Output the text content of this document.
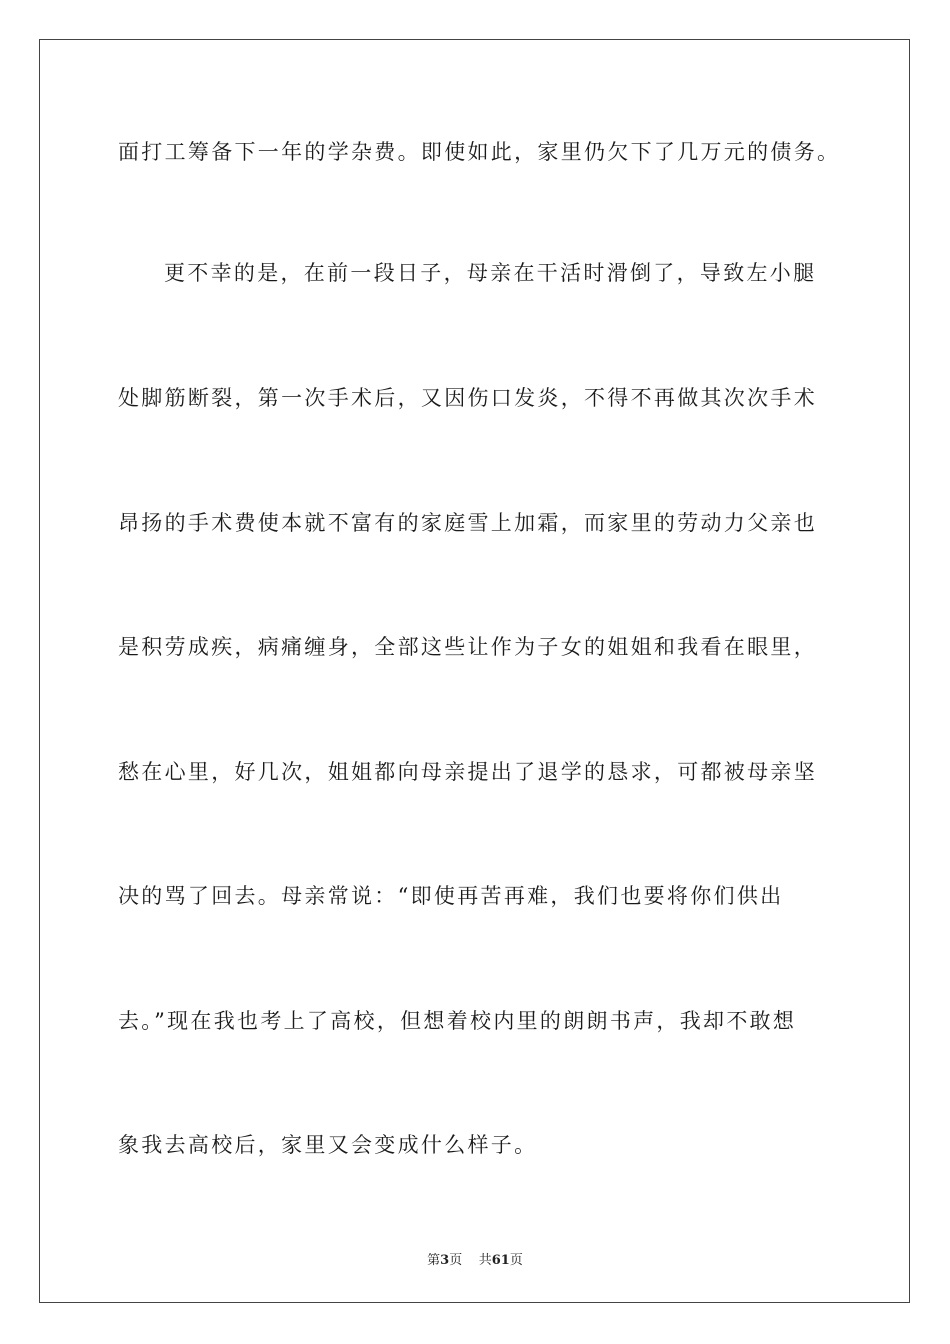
面打工筹备下一年的学杂费。即使如此，家里仍欠下了几万元的债务。
更不幸的是，在前一段日子，母亲在干活时滑倒了，导致左小腿
处脚筋断裂，第一次手术后，又因伤口发炎，不得不再做其次次手术
昂扬的手术费使本就不富有的家庭雪上加霜，而家里的劳动力父亲也
是积劳成疾，病痛缠身，全部这些让作为子女的姐姐和我看在眼里，
愁在心里，好几次，姐姐都向母亲提出了退学的恳求，可都被母亲坚
决的骂了回去。母亲常说：“即使再苦再难，我们也要将你们供出
去。”现在我也考上了高校，但想着校内里的朗朗书声，我却不敢想
象我去高校后，家里又会变成什么样子。
第3页 共61页
